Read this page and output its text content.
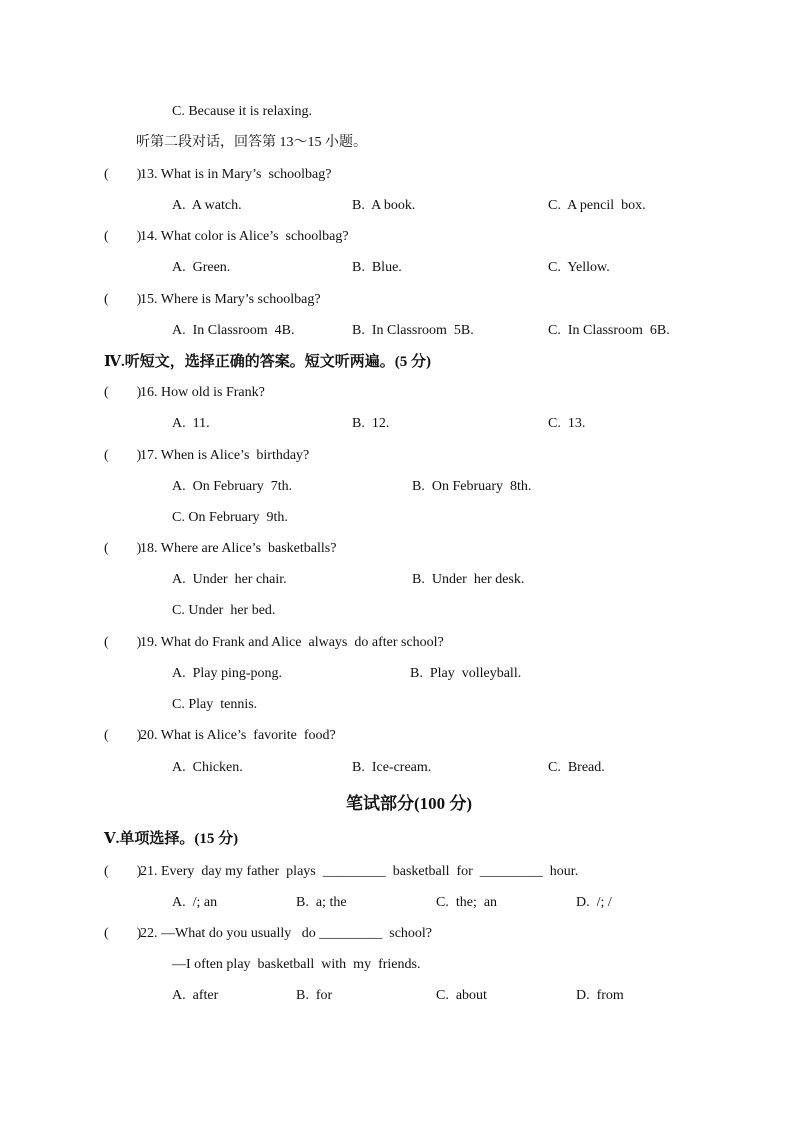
C. Because it is relaxing.
听第二段对话，回答第 13～15 小题。
(        )
13. What is in Mary’s  schoolbag?
A.  A watch.	B.  A book.	C.  A pencil  box.
(        )
14. What color is Alice’s  schoolbag?
A.  Green.	B.  Blue.	C.  Yellow.
(        )
15. Where is Mary’s schoolbag?
A.  In Classroom  4B.	B.  In Classroom  5B.	C.  In Classroom  6B.
Ⅳ.听短文，选择正确的答案。短文听两遍。(5 分)
(        )
16. How old is Frank?
A.  11.	B.  12.	C.  13.
(        )
17. When is Alice’s  birthday?
A.  On February  7th.	B.  On February  8th.
C. On February  9th.
(        )
18. Where are Alice’s  basketballs?
A.  Under  her chair.	B.  Under  her desk.
C. Under  her bed.
(        )
19. What do Frank and Alice  always  do after school?
A.  Play ping-pong.	B.  Play  volleyball.
C. Play  tennis.
(        )
20. What is Alice’s  favorite  food?
A.  Chicken.	B.  Ice-cream.	C.  Bread.
笔试部分(100 分)
Ⅴ.单项选择。(15 分)
(        )
21. Every  day my father  plays  _________  basketball  for  _________  hour.
A.  /; an	B.  a; the	C.  the;  an	D.  /; /
(        )
22. —What do you usually   do _________  school?
—I often play  basketball  with  my  friends.
A.  after	B.  for	C.  about	D.  from
